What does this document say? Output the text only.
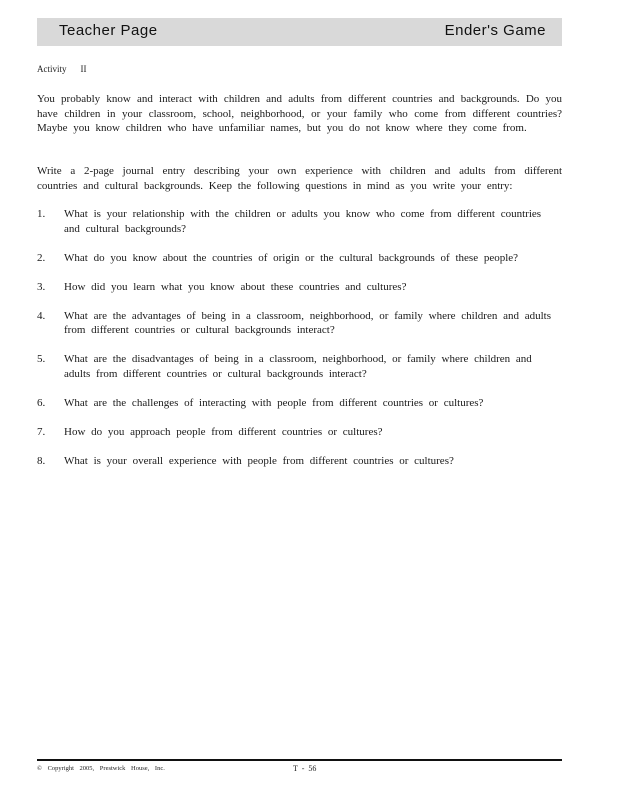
Teacher Page	Ender's Game
Activity II

You probably know and interact with children and adults from different countries and backgrounds. Do you have children in your classroom, school, neighborhood, or your family who come from different countries? Maybe you know children who have unfamiliar names, but you do not know where they come from.

Write a 2-page journal entry describing your own experience with children and adults from different countries and cultural backgrounds. Keep the following questions in mind as you write your entry:

1. What is your relationship with the children or adults you know who come from different countries and cultural backgrounds?
2. What do you know about the countries of origin or the cultural backgrounds of these people?
3. How did you learn what you know about these countries and cultures?
4. What are the advantages of being in a classroom, neighborhood, or family where children and adults from different countries or cultural backgrounds interact?
5. What are the disadvantages of being in a classroom, neighborhood, or family where children and adults from different countries or cultural backgrounds interact?
6. What are the challenges of interacting with people from different countries or cultures?
7. How do you approach people from different countries or cultures?
8. What is your overall experience with people from different countries or cultures?
© Copyright 2005, Prestwick House, Inc.	T - 56
